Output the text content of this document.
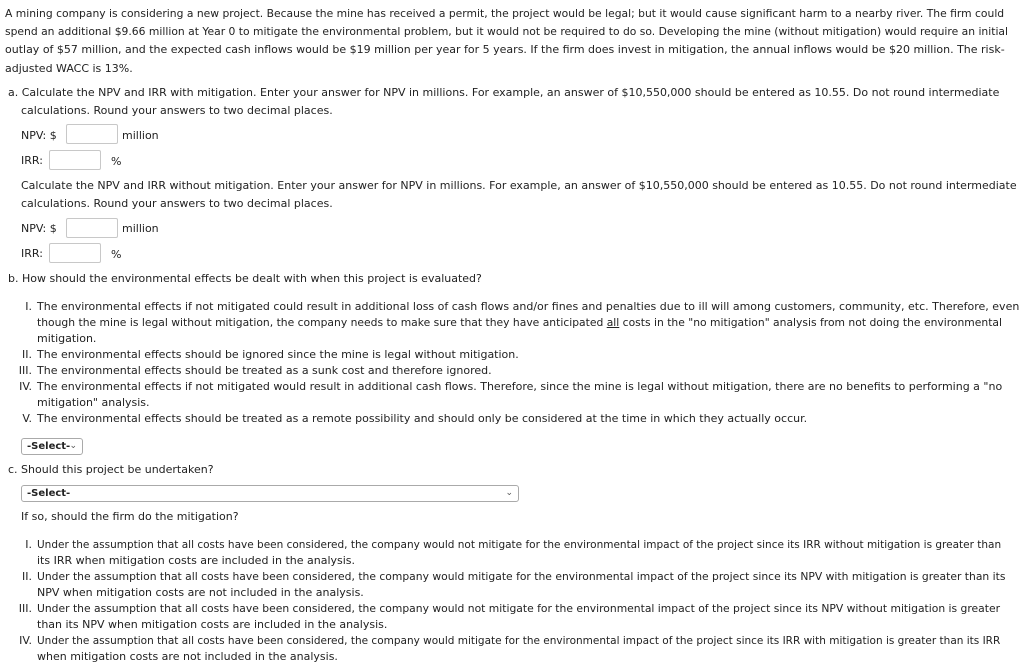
A mining company is considering a new project. Because the mine has received a permit, the project would be legal; but it would cause significant harm to a nearby river. The firm could
spend an additional $9.66 million at Year 0 to mitigate the environmental problem, but it would not be required to do so. Developing the mine (without mitigation) would require an initial
outlay of $57 million, and the expected cash inflows would be $19 million per year for 5 years. If the firm does invest in mitigation, the annual inflows would be $20 million. The risk-
adjusted WACC is 13%.
a. Calculate the NPV and IRR with mitigation. Enter your answer for NPV in millions. For example, an answer of $10,550,000 should be entered as 10.55. Do not round intermediate
calculations. Round your answers to two decimal places.
NPV: $	million
IRR:	%
Calculate the NPV and IRR without mitigation. Enter your answer for NPV in millions. For example, an answer of $10,550,000 should be entered as 10.55. Do not round intermediate
calculations. Round your answers to two decimal places.
NPV: $	million
IRR:	%
b. How should the environmental effects be dealt with when this project is evaluated?
I. The environmental effects if not mitigated could result in additional loss of cash flows and/or fines and penalties due to ill will among customers, community, etc. Therefore, even
though the mine is legal without mitigation, the company needs to make sure that they have anticipated all costs in the "no mitigation" analysis from not doing the environmental
mitigation.
II. The environmental effects should be ignored since the mine is legal without mitigation.
III. The environmental effects should be treated as a sunk cost and therefore ignored.
IV. The environmental effects if not mitigated would result in additional cash flows. Therefore, since the mine is legal without mitigation, there are no benefits to performing a "no
mitigation" analysis.
V. The environmental effects should be treated as a remote possibility and should only be considered at the time in which they actually occur.
-Select- ⌄
c. Should this project be undertaken?
-Select-	⌄
If so, should the firm do the mitigation?
I. Under the assumption that all costs have been considered, the company would not mitigate for the environmental impact of the project since its IRR without mitigation is greater than
its IRR when mitigation costs are included in the analysis.
II. Under the assumption that all costs have been considered, the company would mitigate for the environmental impact of the project since its NPV with mitigation is greater than its
NPV when mitigation costs are not included in the analysis.
III. Under the assumption that all costs have been considered, the company would not mitigate for the environmental impact of the project since its NPV without mitigation is greater
than its NPV when mitigation costs are included in the analysis.
IV. Under the assumption that all costs have been considered, the company would mitigate for the environmental impact of the project since its IRR with mitigation is greater than its IRR
when mitigation costs are not included in the analysis.
